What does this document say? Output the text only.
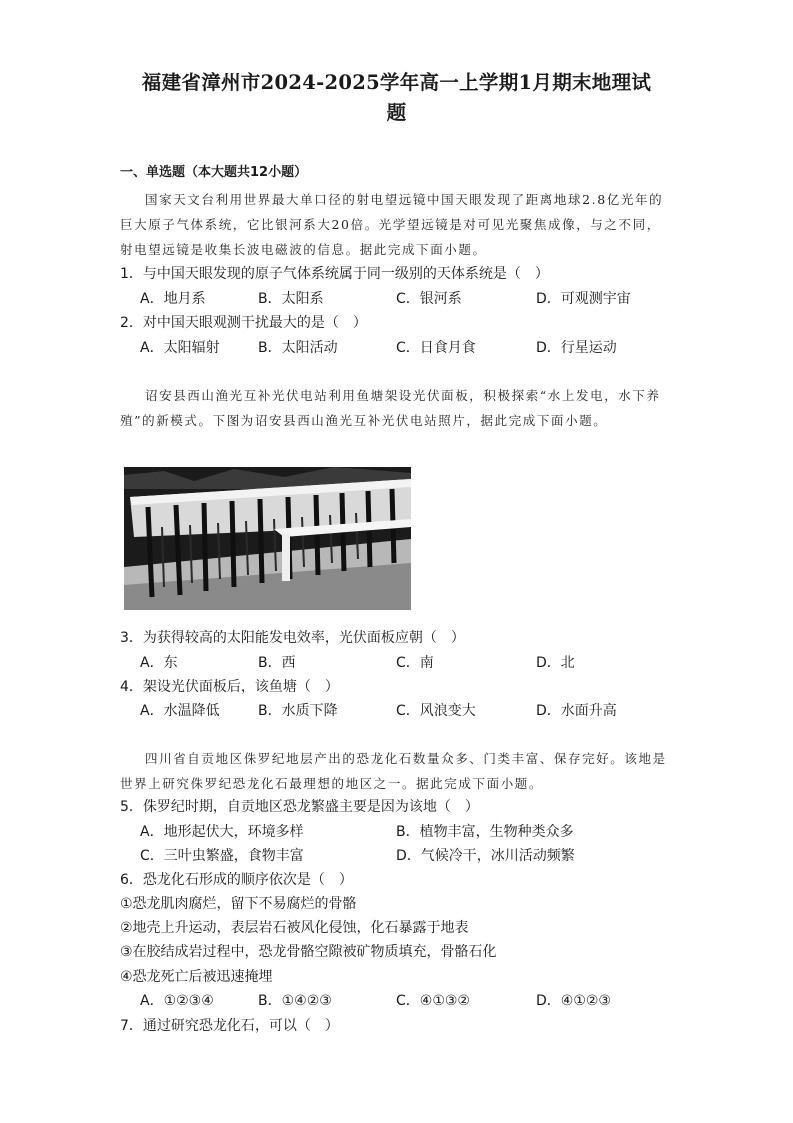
福建省漳州市2024-2025学年高一上学期1月期末地理试
题
一、单选题（本大题共12小题）

国家天文台利用世界最大单口径的射电望远镜中国天眼发现了距离地球2.8亿光年的巨大原子气体系统，它比银河系大20倍。光学望远镜是对可见光聚焦成像，与之不同，射电望远镜是收集长波电磁波的信息。据此完成下面小题。

1．与中国天眼发现的原子气体系统属于同一级别的天体系统是（　）
A．地月系	B．太阳系	C．银河系	D．可观测宇宙
2．对中国天眼观测干扰最大的是（　）
A．太阳辐射	B．太阳活动	C．日食月食	D．行星运动

诏安县西山渔光互补光伏电站利用鱼塘架设光伏面板，积极探索“水上发电，水下养殖”的新模式。下图为诏安县西山渔光互补光伏电站照片，据此完成下面小题。

3．为获得较高的太阳能发电效率，光伏面板应朝（　）
A．东	B．西	C．南	D．北
4．架设光伏面板后，该鱼塘（　）
A．水温降低	B．水质下降	C．风浪变大	D．水面升高

四川省自贡地区侏罗纪地层产出的恐龙化石数量众多、门类丰富、保存完好。该地是世界上研究侏罗纪恐龙化石最理想的地区之一。据此完成下面小题。

5．侏罗纪时期，自贡地区恐龙繁盛主要是因为该地（　）
A．地形起伏大，环境多样	B．植物丰富，生物种类众多
C．三叶虫繁盛，食物丰富	D．气候冷干，冰川活动频繁
6．恐龙化石形成的顺序依次是（　）
①恐龙肌肉腐烂，留下不易腐烂的骨骼
②地壳上升运动，表层岩石被风化侵蚀，化石暴露于地表
③在胶结成岩过程中，恐龙骨骼空隙被矿物质填充，骨骼石化
④恐龙死亡后被迅速掩埋
A．①②③④	B．①④②③	C．④①③②	D．④①②③
7．通过研究恐龙化石，可以（　）
